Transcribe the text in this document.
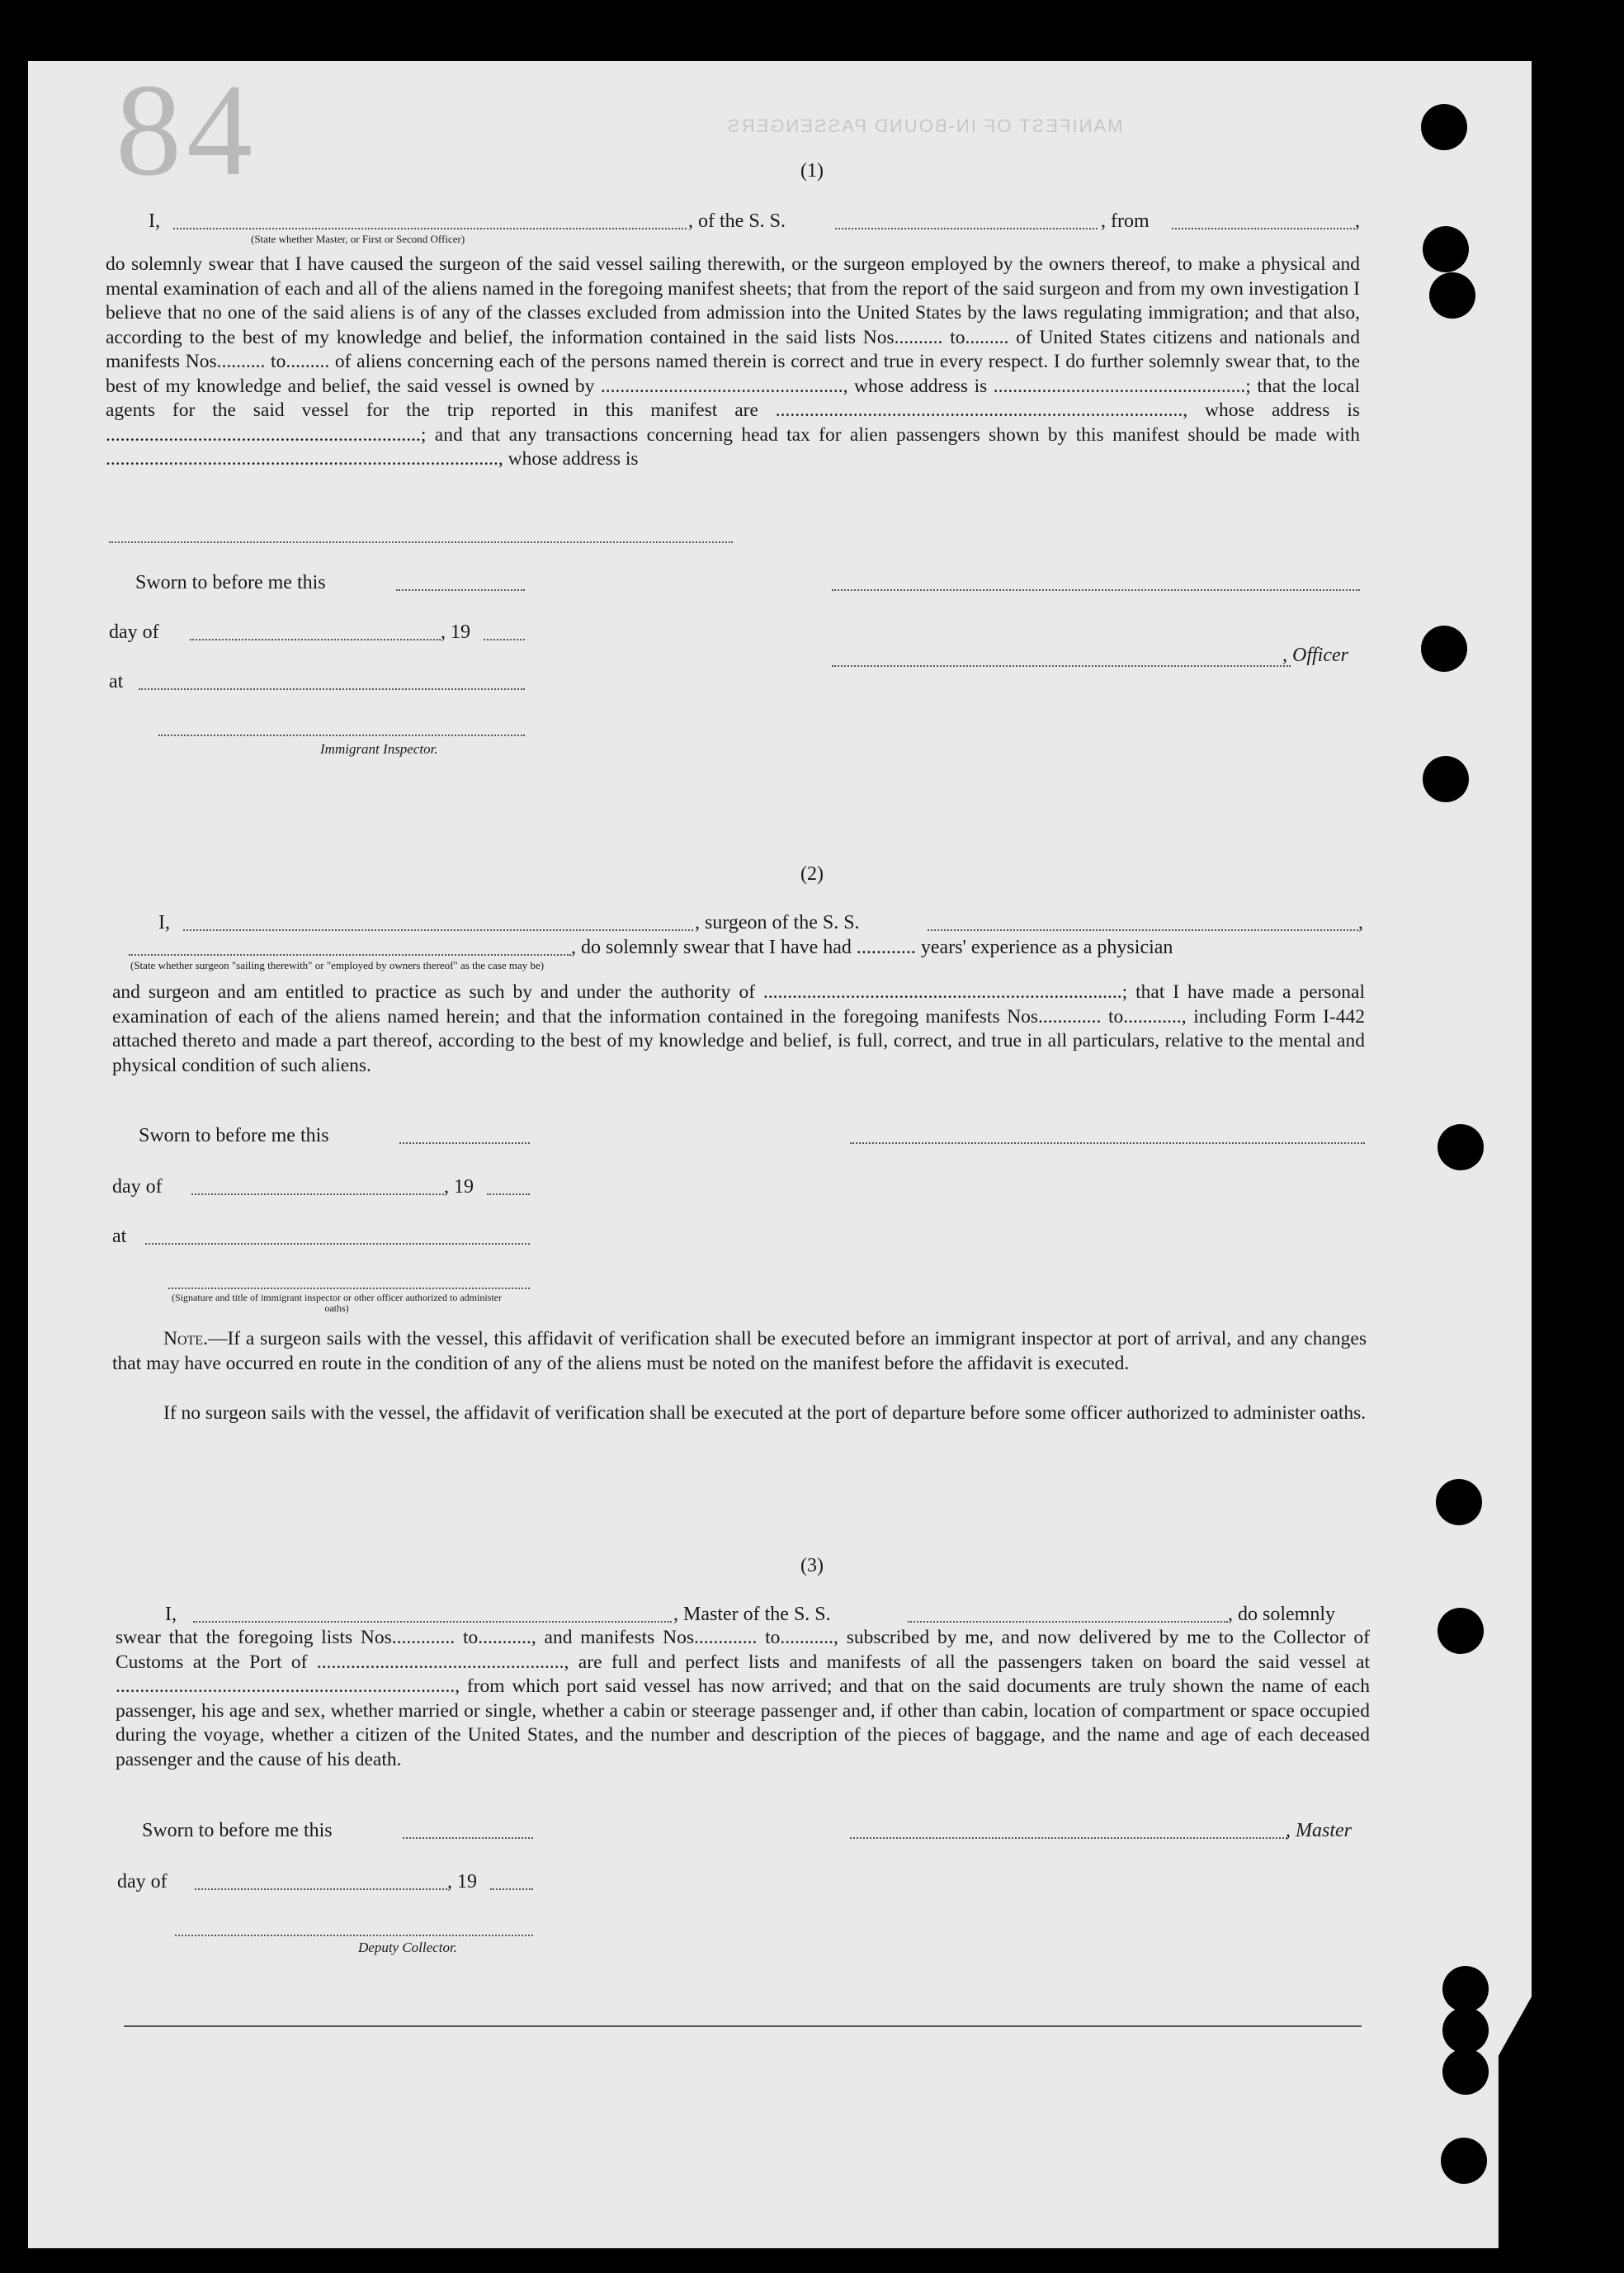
84	MANIFEST OF IN-BOUND PASSENGERS
(1)
I,	, of the S. S.	, from	,
(State whether Master, or First or Second Officer)
do solemnly swear that I have caused the surgeon of the said vessel sailing therewith, or the surgeon employed by the owners thereof, to make a physical and mental examination of each and all of the aliens named in the foregoing manifest sheets; that from the report of the said surgeon and from my own investigation I believe that no one of the said aliens is of any of the classes excluded from admission into the United States by the laws regulating immigration; and that also, according to the best of my knowledge and belief, the information contained in the said lists Nos.......... to......... of United States citizens and nationals and manifests Nos.......... to......... of aliens concerning each of the persons named therein is correct and true in every respect. I do further solemnly swear that, to the best of my knowledge and belief, the said vessel is owned by .................................................., whose address is ....................................................; that the local agents for the said vessel for the trip reported in this manifest are ...................................................................................., whose address is .................................................................; and that any transactions concerning head tax for alien passengers shown by this manifest should be made with ................................................................................., whose address is
Sworn to before me this
day of	, 19
at
, Officer
Immigrant Inspector.
(2)
I,	, surgeon of the S. S.	,
, do solemnly swear that I have had ............ years' experience as a physician
(State whether surgeon "sailing therewith" or "employed by owners thereof" as the case may be)
and surgeon and am entitled to practice as such by and under the authority of ..........................................................................; that I have made a personal examination of each of the aliens named herein; and that the information contained in the foregoing manifests Nos............. to............, including Form I-442 attached thereto and made a part thereof, according to the best of my knowledge and belief, is full, correct, and true in all particulars, relative to the mental and physical condition of such aliens.
Sworn to before me this
day of	, 19
at
(Signature and title of immigrant inspector or other officer authorized to administer oaths)
Note.—If a surgeon sails with the vessel, this affidavit of verification shall be executed before an immigrant inspector at port of arrival, and any changes that may have occurred en route in the condition of any of the aliens must be noted on the manifest before the affidavit is executed.
If no surgeon sails with the vessel, the affidavit of verification shall be executed at the port of departure before some officer authorized to administer oaths.
(3)
I,	, Master of the S. S.	, do solemnly
swear that the foregoing lists Nos............. to..........., and manifests Nos............. to..........., subscribed by me, and now delivered by me to the Collector of Customs at the Port of ..................................................., are full and perfect lists and manifests of all the passengers taken on board the said vessel at ......................................................................, from which port said vessel has now arrived; and that on the said documents are truly shown the name of each passenger, his age and sex, whether married or single, whether a cabin or steerage passenger and, if other than cabin, location of compartment or space occupied during the voyage, whether a citizen of the United States, and the number and description of the pieces of baggage, and the name and age of each deceased passenger and the cause of his death.
Sworn to before me this	, Master
day of	, 19
Deputy Collector.
